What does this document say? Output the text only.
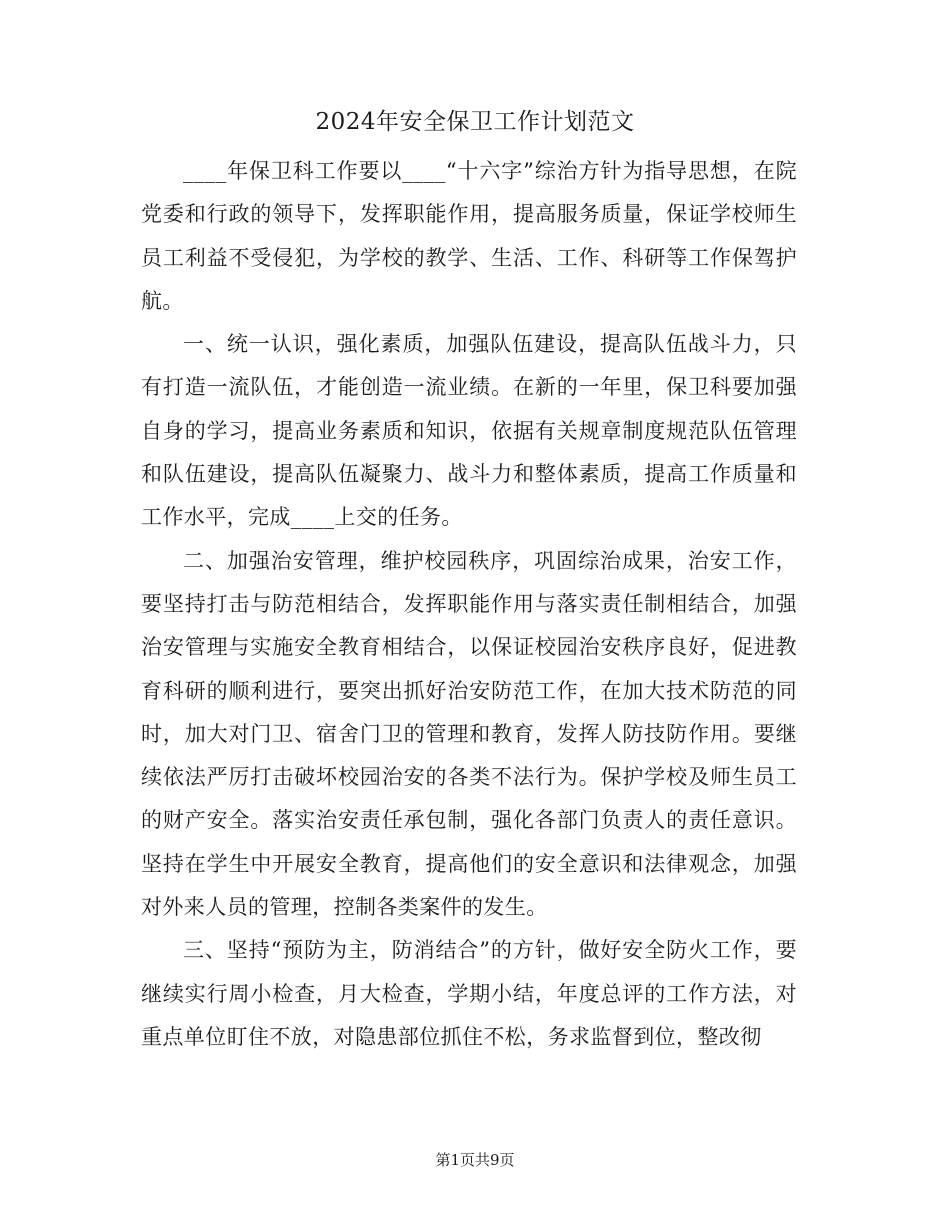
2024年安全保卫工作计划范文

____年保卫科工作要以____“十六字”综治方针为指导思想，在院党委和行政的领导下，发挥职能作用，提高服务质量，保证学校师生员工利益不受侵犯，为学校的教学、生活、工作、科研等工作保驾护航。

一、统一认识，强化素质，加强队伍建设，提高队伍战斗力，只有打造一流队伍，才能创造一流业绩。在新的一年里，保卫科要加强自身的学习，提高业务素质和知识，依据有关规章制度规范队伍管理和队伍建设，提高队伍凝聚力、战斗力和整体素质，提高工作质量和工作水平，完成____上交的任务。

二、加强治安管理，维护校园秩序，巩固综治成果，治安工作，要坚持打击与防范相结合，发挥职能作用与落实责任制相结合，加强治安管理与实施安全教育相结合，以保证校园治安秩序良好，促进教育科研的顺利进行，要突出抓好治安防范工作，在加大技术防范的同时，加大对门卫、宿舍门卫的管理和教育，发挥人防技防作用。要继续依法严厉打击破坏校园治安的各类不法行为。保护学校及师生员工的财产安全。落实治安责任承包制，强化各部门负责人的责任意识。坚持在学生中开展安全教育，提高他们的安全意识和法律观念，加强对外来人员的管理，控制各类案件的发生。

三、坚持“预防为主，防消结合”的方针，做好安全防火工作，要继续实行周小检查，月大检查，学期小结，年度总评的工作方法，对重点单位盯住不放，对隐患部位抓住不松，务求监督到位，整改彻

第1页共9页
